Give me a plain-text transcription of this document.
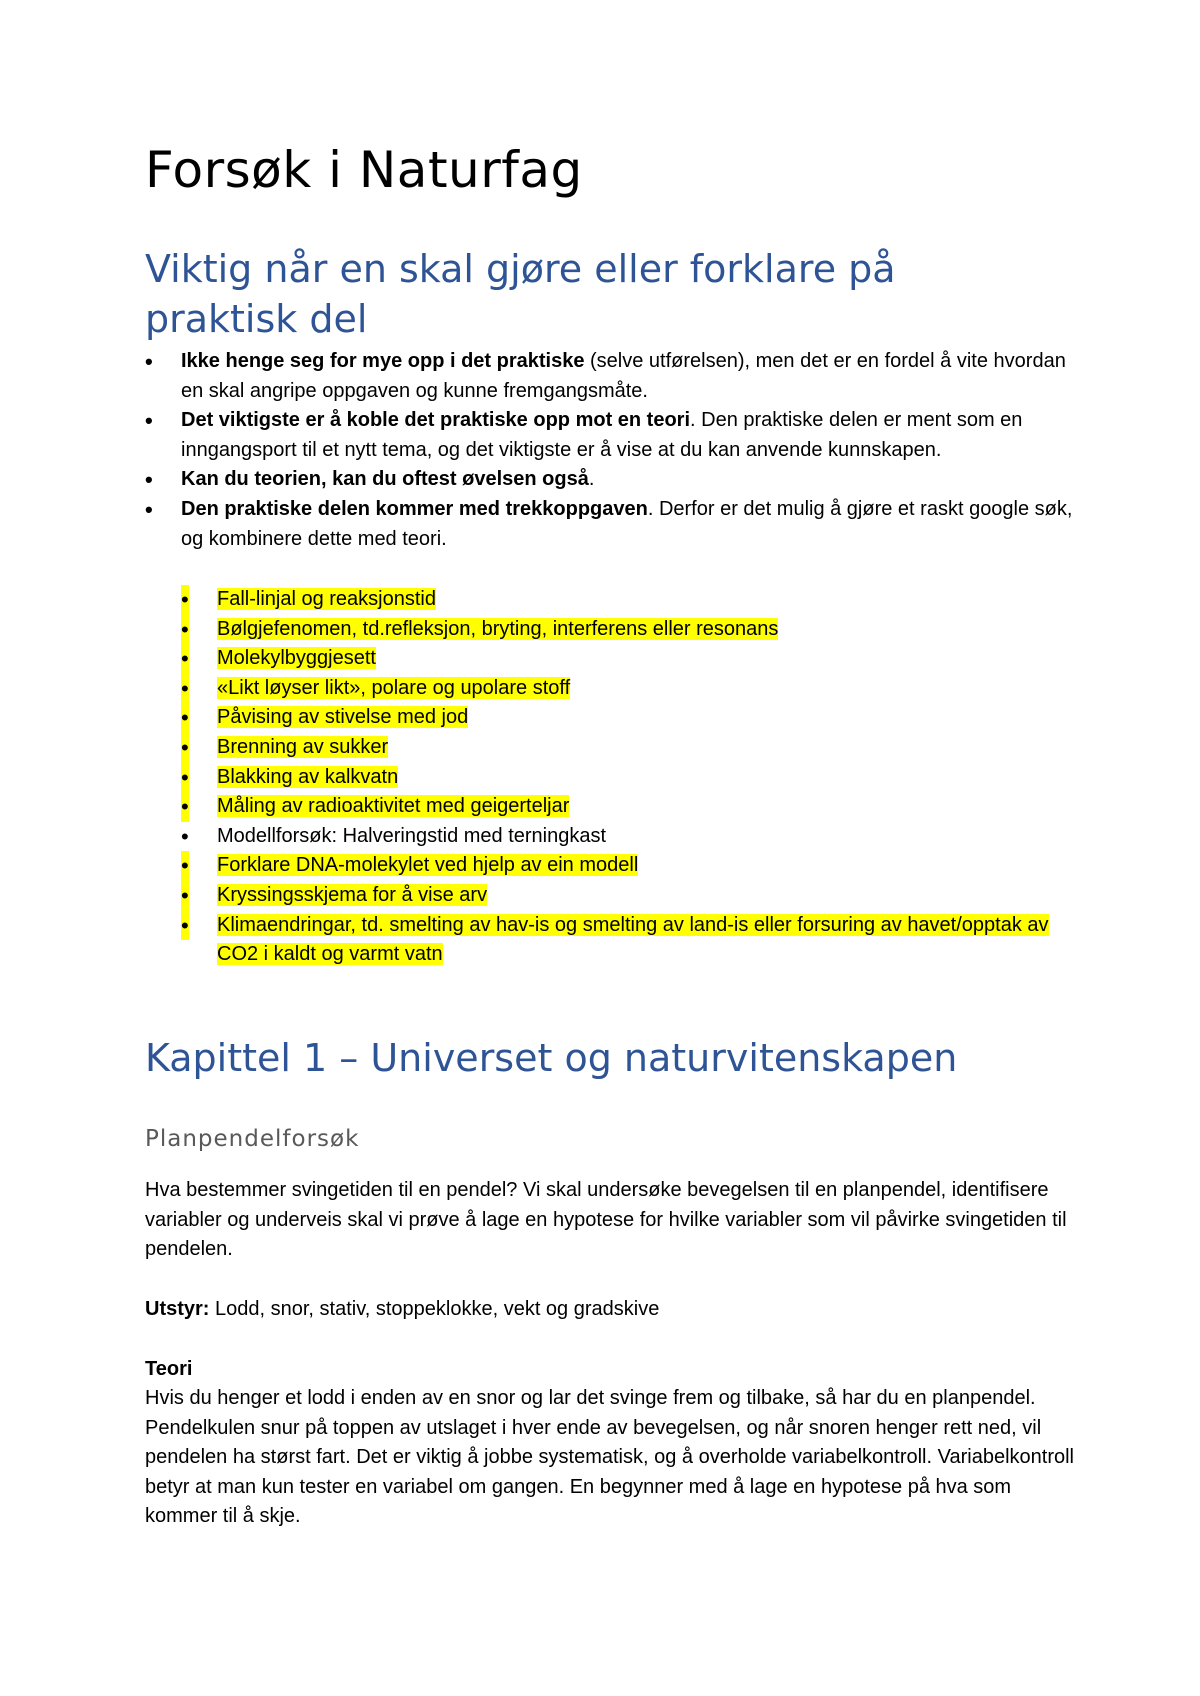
Forsøk i Naturfag
Viktig når en skal gjøre eller forklare på praktisk del
• Ikke henge seg for mye opp i det praktiske (selve utførelsen), men det er en fordel å vite hvordan en skal angripe oppgaven og kunne fremgangsmåte.
• Det viktigste er å koble det praktiske opp mot en teori. Den praktiske delen er ment som en inngangsport til et nytt tema, og det viktigste er å vise at du kan anvende kunnskapen.
• Kan du teorien, kan du oftest øvelsen også.
• Den praktiske delen kommer med trekkoppgaven. Derfor er det mulig å gjøre et raskt google søk, og kombinere dette med teori.
• Fall-linjal og reaksjonstid
• Bølgjefenomen, td.refleksjon, bryting, interferens eller resonans
• Molekylbyggjesett
• «Likt løyser likt», polare og upolare stoff
• Påvising av stivelse med jod
• Brenning av sukker
• Blakking av kalkvatn
• Måling av radioaktivitet med geigerteljar
• Modellforsøk: Halveringstid med terningkast
• Forklare DNA-molekylet ved hjelp av ein modell
• Kryssingsskjema for å vise arv
• Klimaendringar, td. smelting av hav-is og smelting av land-is eller forsuring av havet/opptak av CO2 i kaldt og varmt vatn
Kapittel 1 – Universet og naturvitenskapen
Planpendelforsøk

Hva bestemmer svingetiden til en pendel? Vi skal undersøke bevegelsen til en planpendel, identifisere variabler og underveis skal vi prøve å lage en hypotese for hvilke variabler som vil påvirke svingetiden til pendelen.

Utstyr: Lodd, snor, stativ, stoppeklokke, vekt og gradskive

Teori

Hvis du henger et lodd i enden av en snor og lar det svinge frem og tilbake, så har du en planpendel. Pendelkulen snur på toppen av utslaget i hver ende av bevegelsen, og når snoren henger rett ned, vil pendelen ha størst fart. Det er viktig å jobbe systematisk, og å overholde variabelkontroll. Variabelkontroll betyr at man kun tester en variabel om gangen. En begynner med å lage en hypotese på hva som kommer til å skje.
